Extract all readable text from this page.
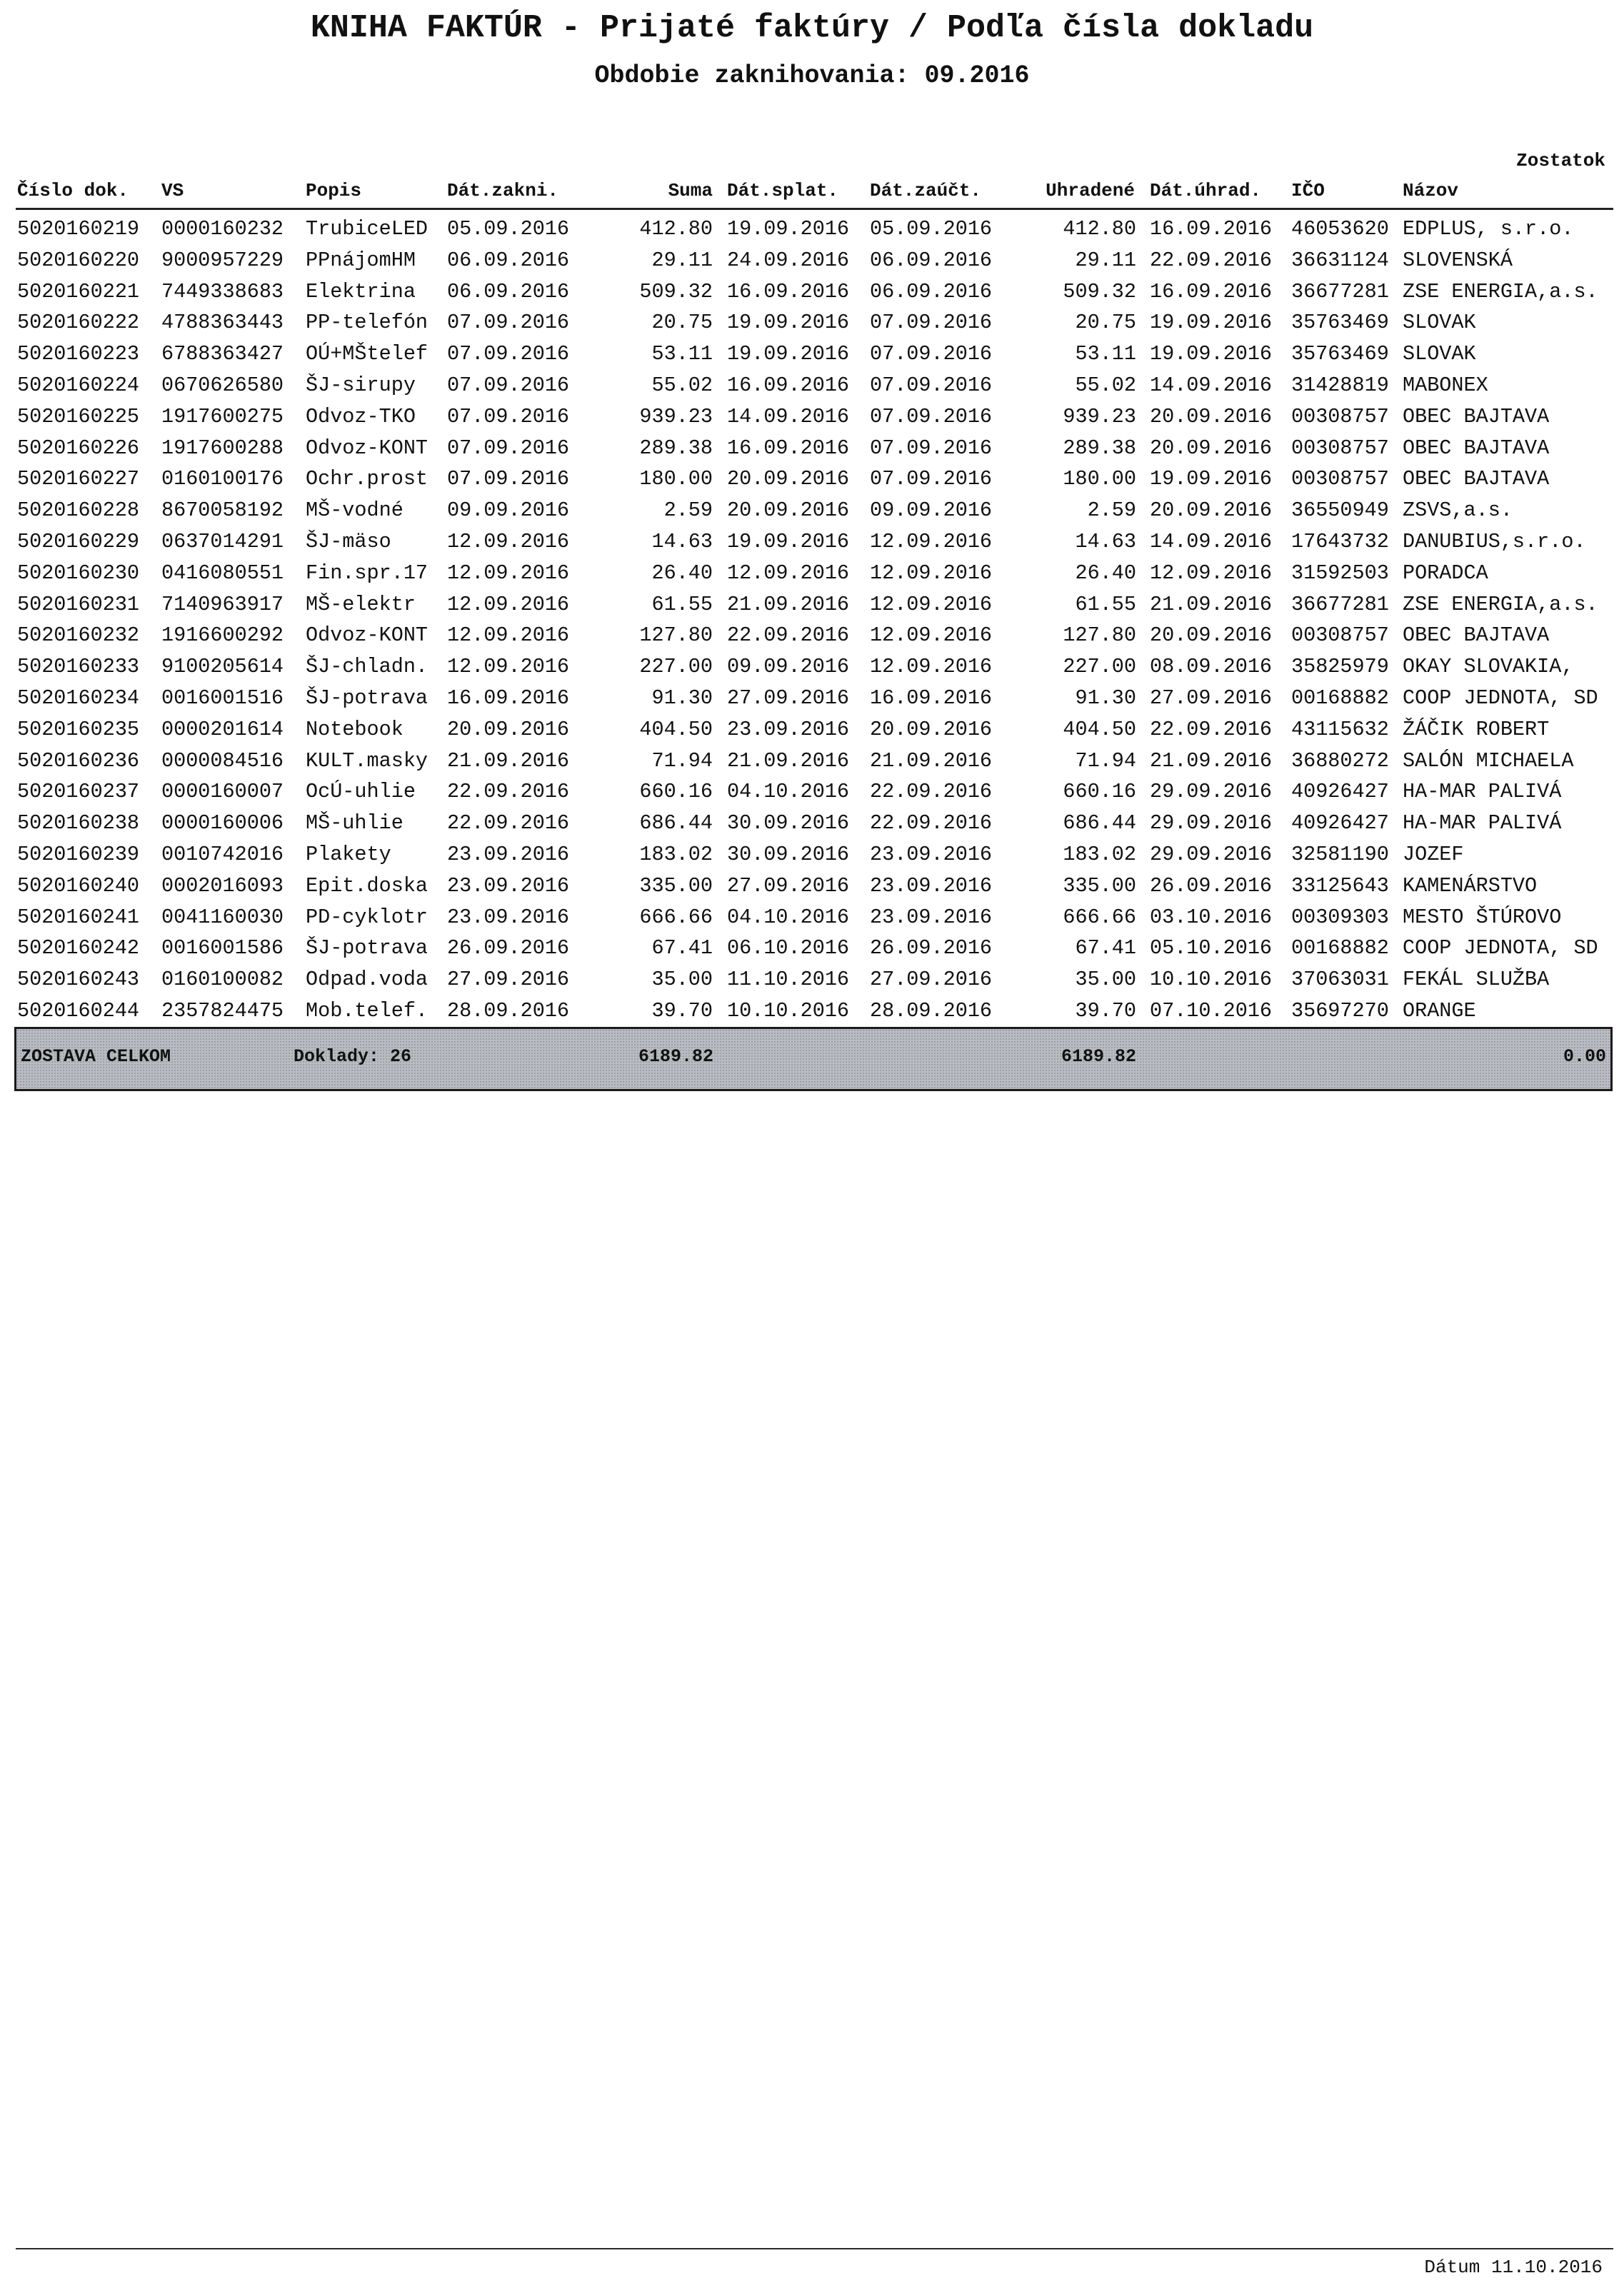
KNIHA FAKTÚR - Prijaté faktúry / Podľa čísla dokladu
Obdobie zaknihovania: 09.2016
Zostatok
Číslo dok. VS	Popis	Dát.zakni.	Suma Dát.splat. Dát.zaúčt.	Uhradené Dát.úhrad. IČO	Názov
5020160219 0000160232 TrubiceLED 05.09.2016	412.80 19.09.2016 05.09.2016	412.80 16.09.2016 46053620 EDPLUS, s.r.o.
5020160220 9000957229 PPnájomHM 06.09.2016	29.11 24.09.2016 06.09.2016	29.11 22.09.2016 36631124 SLOVENSKÁ
5020160221 7449338683 Elektrina 06.09.2016	509.32 16.09.2016 06.09.2016	509.32 16.09.2016 36677281 ZSE ENERGIA,a.s.
5020160222 4788363443 PP-telefón 07.09.2016	20.75 19.09.2016 07.09.2016	20.75 19.09.2016 35763469 SLOVAK
5020160223 6788363427 OÚ+MŠtelef 07.09.2016	53.11 19.09.2016 07.09.2016	53.11 19.09.2016 35763469 SLOVAK
5020160224 0670626580 ŠJ-sirupy 07.09.2016	55.02 16.09.2016 07.09.2016	55.02 14.09.2016 31428819 MABONEX
5020160225 1917600275 Odvoz-TKO 07.09.2016	939.23 14.09.2016 07.09.2016	939.23 20.09.2016 00308757 OBEC BAJTAVA
5020160226 1917600288 Odvoz-KONT 07.09.2016	289.38 16.09.2016 07.09.2016	289.38 20.09.2016 00308757 OBEC BAJTAVA
5020160227 0160100176 Ochr.prost 07.09.2016	180.00 20.09.2016 07.09.2016	180.00 19.09.2016 00308757 OBEC BAJTAVA
5020160228 8670058192 MŠ-vodné 09.09.2016	2.59 20.09.2016 09.09.2016	2.59 20.09.2016 36550949 ZSVS,a.s.
5020160229 0637014291 ŠJ-mäso	12.09.2016	14.63 19.09.2016 12.09.2016	14.63 14.09.2016 17643732 DANUBIUS,s.r.o.
5020160230 0416080551 Fin.spr.17 12.09.2016	26.40 12.09.2016 12.09.2016	26.40 12.09.2016 31592503 PORADCA
5020160231 7140963917 MŠ-elektr 12.09.2016	61.55 21.09.2016 12.09.2016	61.55 21.09.2016 36677281 ZSE ENERGIA,a.s.
5020160232 1916600292 Odvoz-KONT 12.09.2016	127.80 22.09.2016 12.09.2016	127.80 20.09.2016 00308757 OBEC BAJTAVA
5020160233 9100205614 ŠJ-chladn. 12.09.2016	227.00 09.09.2016 12.09.2016	227.00 08.09.2016 35825979 OKAY SLOVAKIA,
5020160234 0016001516 ŠJ-potrava 16.09.2016	91.30 27.09.2016 16.09.2016	91.30 27.09.2016 00168882 COOP JEDNOTA, SD
5020160235 0000201614 Notebook 20.09.2016	404.50 23.09.2016 20.09.2016	404.50 22.09.2016 43115632 ŽÁČIK ROBERT
5020160236 0000084516 KULT.masky 21.09.2016	71.94 21.09.2016 21.09.2016	71.94 21.09.2016 36880272 SALÓN MICHAELA
5020160237 0000160007 OcÚ-uhlie 22.09.2016	660.16 04.10.2016 22.09.2016	660.16 29.09.2016 40926427 HA-MAR PALIVÁ
5020160238 0000160006 MŠ-uhlie 22.09.2016	686.44 30.09.2016 22.09.2016	686.44 29.09.2016 40926427 HA-MAR PALIVÁ
5020160239 0010742016 Plakety	23.09.2016	183.02 30.09.2016 23.09.2016	183.02 29.09.2016 32581190 JOZEF
5020160240 0002016093 Epit.doska 23.09.2016	335.00 27.09.2016 23.09.2016	335.00 26.09.2016 33125643 KAMENÁRSTVO
5020160241 0041160030 PD-cyklotr 23.09.2016	666.66 04.10.2016 23.09.2016	666.66 03.10.2016 00309303 MESTO ŠTÚROVO
5020160242 0016001586 ŠJ-potrava 26.09.2016	67.41 06.10.2016 26.09.2016	67.41 05.10.2016 00168882 COOP JEDNOTA, SD
5020160243 0160100082 Odpad.voda 27.09.2016	35.00 11.10.2016 27.09.2016	35.00 10.10.2016 37063031 FEKÁL SLUŽBA
5020160244 2357824475 Mob.telef. 28.09.2016	39.70 10.10.2016 28.09.2016	39.70 07.10.2016 35697270 ORANGE
ZOSTAVA CELKOM	Doklady: 26	6189.82	6189.82	0.00
Dátum 11.10.2016
